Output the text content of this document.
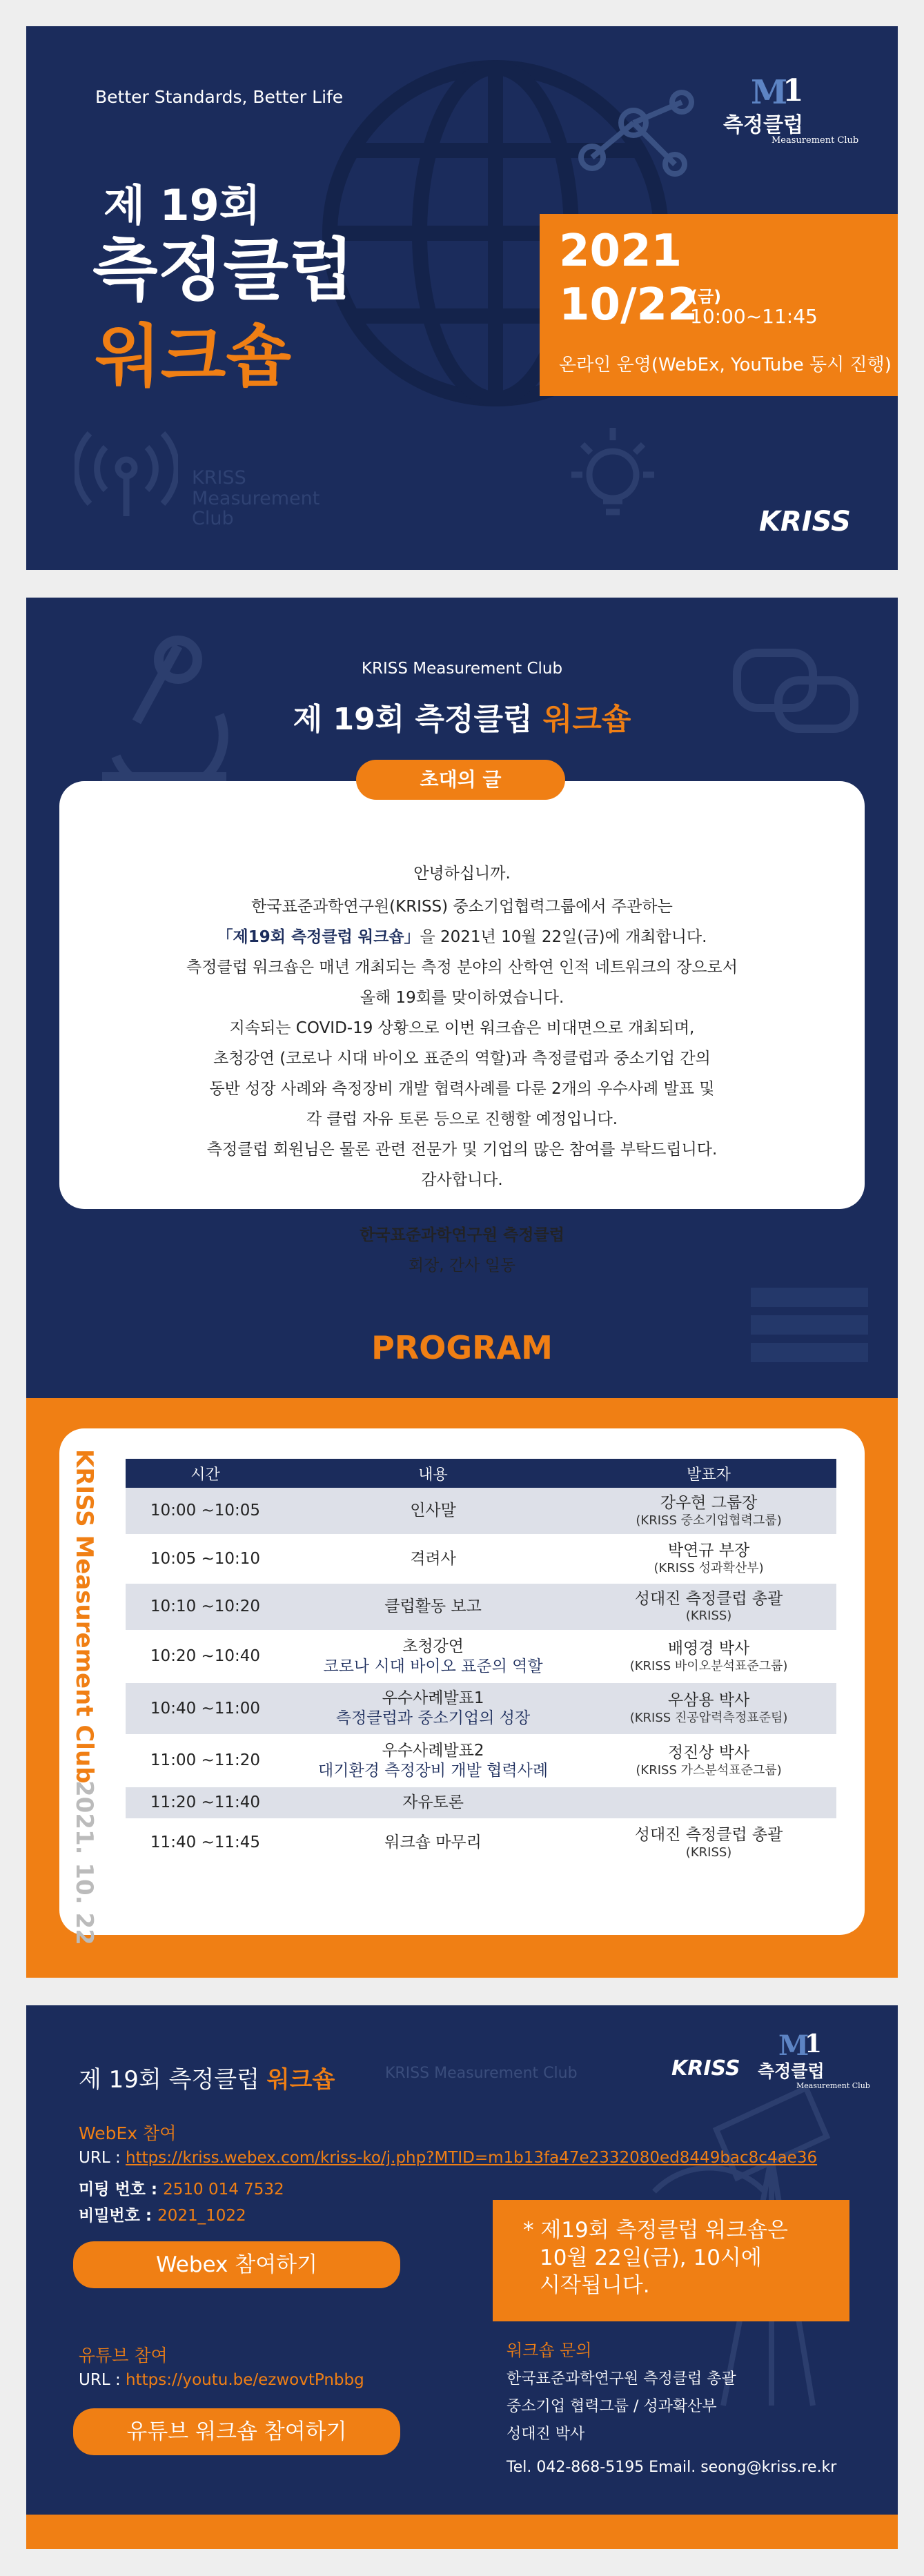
KRISS Measurement Club
Better Standards, Better Life
제 19회
측정클럽
워크숍
M
1
측정클럽
Measurement Club
2021
10/22
(금)
10:00~11:45
온라인 운영(WebEx, YouTube 동시 진행)
KRISS
KRISS Measurement Club
제 19회 측정클럽 워크숍
안녕하십니까.
한국표준과학연구원(KRISS) 중소기업협력그룹에서 주관하는
「제19회 측정클럽 워크숍」을 2021년 10월 22일(금)에 개최합니다.
측정클럽 워크숍은 매년 개최되는 측정 분야의 산학연 인적 네트워크의 장으로서
올해 19회를 맞이하였습니다.
지속되는 COVID-19 상황으로 이번 워크숍은 비대면으로 개최되며,
초청강연 (코로나 시대 바이오 표준의 역할)과 측정클럽과 중소기업 간의
동반 성장 사례와 측정장비 개발 협력사례를 다룬 2개의 우수사례 발표 및
각 클럽 자유 토론 등으로 진행할 예정입니다.
측정클럽 회원님은 물론 관련 전문가 및 기업의 많은 참여를 부탁드립니다.
감사합니다.
한국표준과학연구원 측정클럽
회장, 간사 일동
초대의 글
PROGRAM
KRISS Measurement Club
2021. 10. 22
시간	내용	발표자
10:00 ~10:05	인사말	강우현 그룹장
(KRISS 중소기업협력그룹)

10:05 ~10:10	격려사	박연규 부장
(KRISS 성과확산부)

10:10 ~10:20	클럽활동 보고	성대진 측정클럽 총괄
(KRISS)

10:20 ~10:40	초청강연
코로나 시대 바이오 표준의 역할	배영경 박사
(KRISS 바이오분석표준그룹)

10:40 ~11:00	우수사례발표1
측정클럽과 중소기업의 성장	우삼용 박사
(KRISS 진공압력측정표준팀)

11:00 ~11:20	우수사례발표2
대기환경 측정장비 개발 협력사례	정진상 박사
(KRISS 가스분석표준그룹)

11:20 ~11:40	자유토론	

11:40 ~11:45	워크숍 마무리	성대진 측정클럽 총괄
(KRISS)
제 19회 측정클럽 워크숍	KRISS Measurement Club	KRISS
M
1
측정클럽
Measurement Club
WebEx 참여
URL : https://kriss.webex.com/kriss-ko/j.php?MTID=m1b13fa47e2332080ed8449bac8c4ae36
미팅 번호 : 2510 014 7532
비밀번호 : 2021_1022
Webex 참여하기
* 제19회 측정클럽 워크숍은
10월 22일(금), 10시에
시작됩니다.
유튜브 참여
URL : https://youtu.be/ezwovtPnbbg
유튜브 워크숍 참여하기
워크숍 문의
한국표준과학연구원 측정클럽 총괄
중소기업 협력그룹 / 성과확산부
성대진 박사
Tel. 042-868-5195 Email. seong@kriss.re.kr
